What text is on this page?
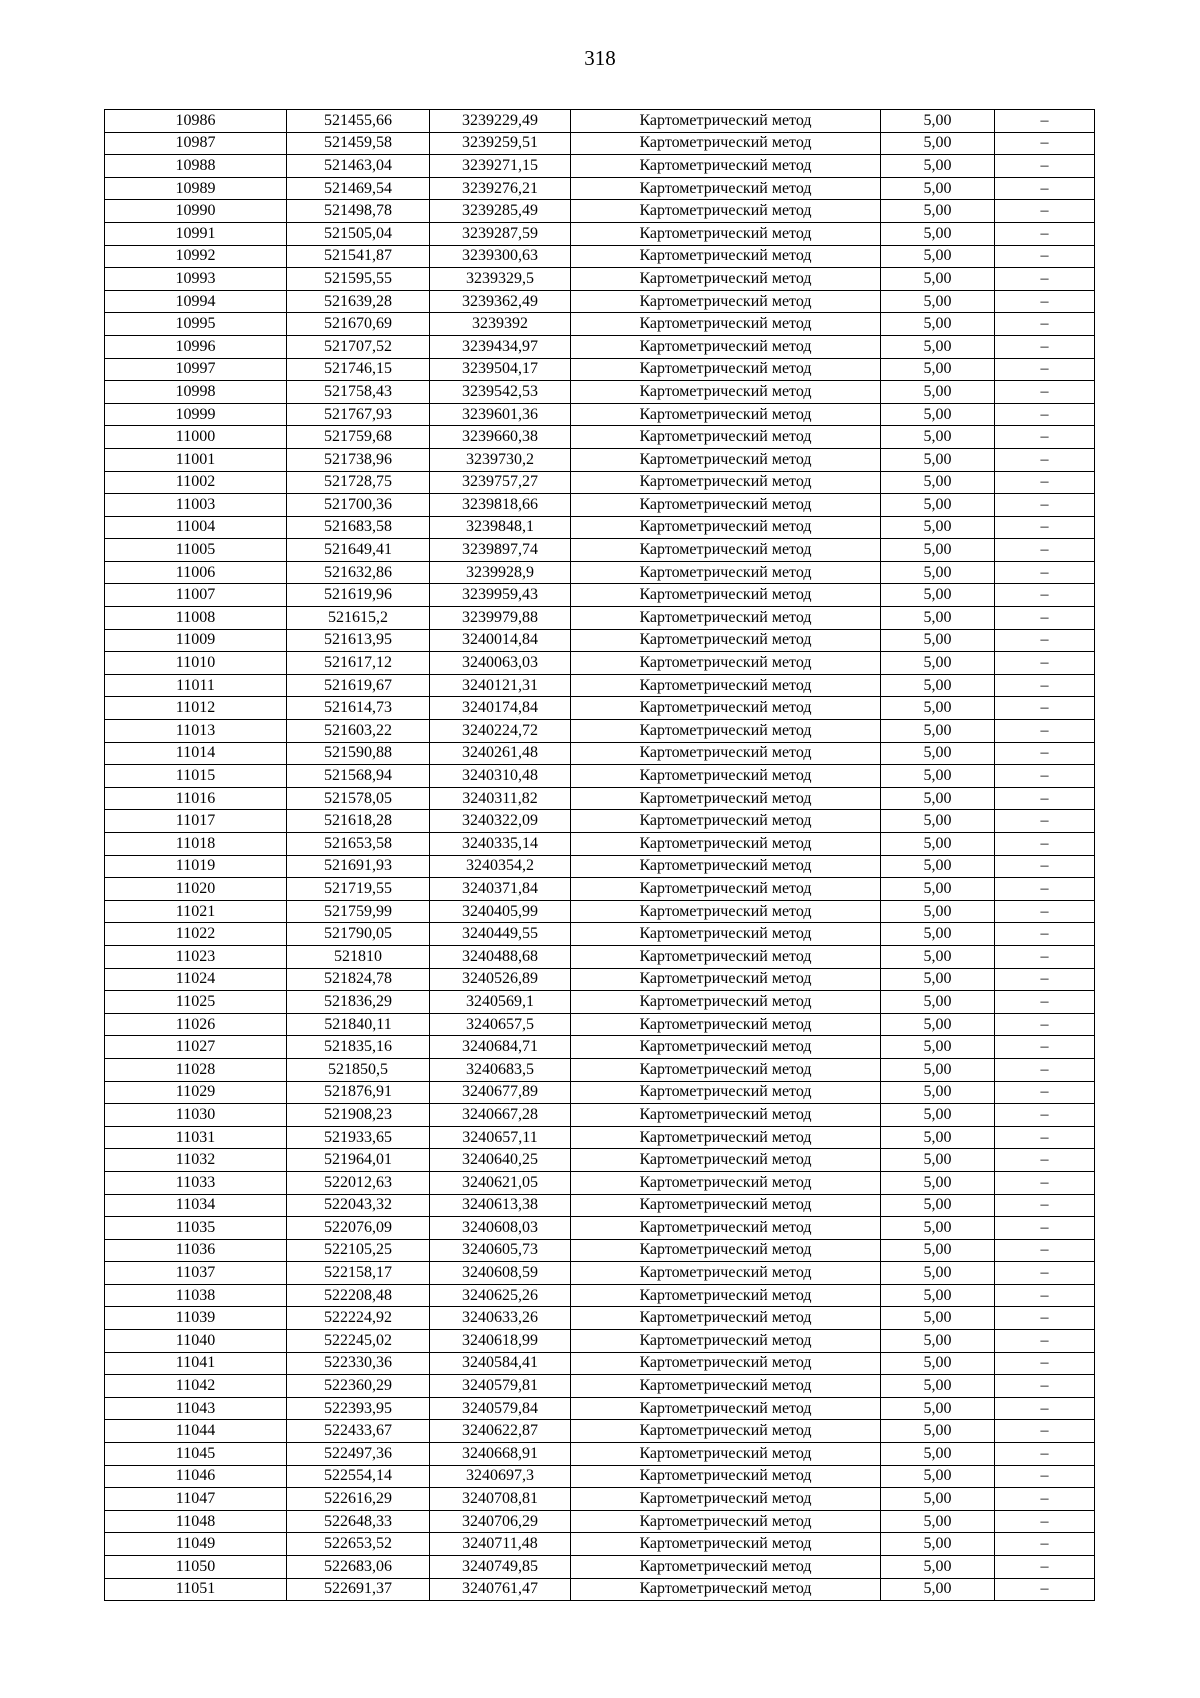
318
10986	521455,66	3239229,49	Картометрический метод	5,00	–
10987	521459,58	3239259,51	Картометрический метод	5,00	–
10988	521463,04	3239271,15	Картометрический метод	5,00	–
10989	521469,54	3239276,21	Картометрический метод	5,00	–
10990	521498,78	3239285,49	Картометрический метод	5,00	–
10991	521505,04	3239287,59	Картометрический метод	5,00	–
10992	521541,87	3239300,63	Картометрический метод	5,00	–
10993	521595,55	3239329,5	Картометрический метод	5,00	–
10994	521639,28	3239362,49	Картометрический метод	5,00	–
10995	521670,69	3239392	Картометрический метод	5,00	–
10996	521707,52	3239434,97	Картометрический метод	5,00	–
10997	521746,15	3239504,17	Картометрический метод	5,00	–
10998	521758,43	3239542,53	Картометрический метод	5,00	–
10999	521767,93	3239601,36	Картометрический метод	5,00	–
11000	521759,68	3239660,38	Картометрический метод	5,00	–
11001	521738,96	3239730,2	Картометрический метод	5,00	–
11002	521728,75	3239757,27	Картометрический метод	5,00	–
11003	521700,36	3239818,66	Картометрический метод	5,00	–
11004	521683,58	3239848,1	Картометрический метод	5,00	–
11005	521649,41	3239897,74	Картометрический метод	5,00	–
11006	521632,86	3239928,9	Картометрический метод	5,00	–
11007	521619,96	3239959,43	Картометрический метод	5,00	–
11008	521615,2	3239979,88	Картометрический метод	5,00	–
11009	521613,95	3240014,84	Картометрический метод	5,00	–
11010	521617,12	3240063,03	Картометрический метод	5,00	–
11011	521619,67	3240121,31	Картометрический метод	5,00	–
11012	521614,73	3240174,84	Картометрический метод	5,00	–
11013	521603,22	3240224,72	Картометрический метод	5,00	–
11014	521590,88	3240261,48	Картометрический метод	5,00	–
11015	521568,94	3240310,48	Картометрический метод	5,00	–
11016	521578,05	3240311,82	Картометрический метод	5,00	–
11017	521618,28	3240322,09	Картометрический метод	5,00	–
11018	521653,58	3240335,14	Картометрический метод	5,00	–
11019	521691,93	3240354,2	Картометрический метод	5,00	–
11020	521719,55	3240371,84	Картометрический метод	5,00	–
11021	521759,99	3240405,99	Картометрический метод	5,00	–
11022	521790,05	3240449,55	Картометрический метод	5,00	–
11023	521810	3240488,68	Картометрический метод	5,00	–
11024	521824,78	3240526,89	Картометрический метод	5,00	–
11025	521836,29	3240569,1	Картометрический метод	5,00	–
11026	521840,11	3240657,5	Картометрический метод	5,00	–
11027	521835,16	3240684,71	Картометрический метод	5,00	–
11028	521850,5	3240683,5	Картометрический метод	5,00	–
11029	521876,91	3240677,89	Картометрический метод	5,00	–
11030	521908,23	3240667,28	Картометрический метод	5,00	–
11031	521933,65	3240657,11	Картометрический метод	5,00	–
11032	521964,01	3240640,25	Картометрический метод	5,00	–
11033	522012,63	3240621,05	Картометрический метод	5,00	–
11034	522043,32	3240613,38	Картометрический метод	5,00	–
11035	522076,09	3240608,03	Картометрический метод	5,00	–
11036	522105,25	3240605,73	Картометрический метод	5,00	–
11037	522158,17	3240608,59	Картометрический метод	5,00	–
11038	522208,48	3240625,26	Картометрический метод	5,00	–
11039	522224,92	3240633,26	Картометрический метод	5,00	–
11040	522245,02	3240618,99	Картометрический метод	5,00	–
11041	522330,36	3240584,41	Картометрический метод	5,00	–
11042	522360,29	3240579,81	Картометрический метод	5,00	–
11043	522393,95	3240579,84	Картометрический метод	5,00	–
11044	522433,67	3240622,87	Картометрический метод	5,00	–
11045	522497,36	3240668,91	Картометрический метод	5,00	–
11046	522554,14	3240697,3	Картометрический метод	5,00	–
11047	522616,29	3240708,81	Картометрический метод	5,00	–
11048	522648,33	3240706,29	Картометрический метод	5,00	–
11049	522653,52	3240711,48	Картометрический метод	5,00	–
11050	522683,06	3240749,85	Картометрический метод	5,00	–
11051	522691,37	3240761,47	Картометрический метод	5,00	–
